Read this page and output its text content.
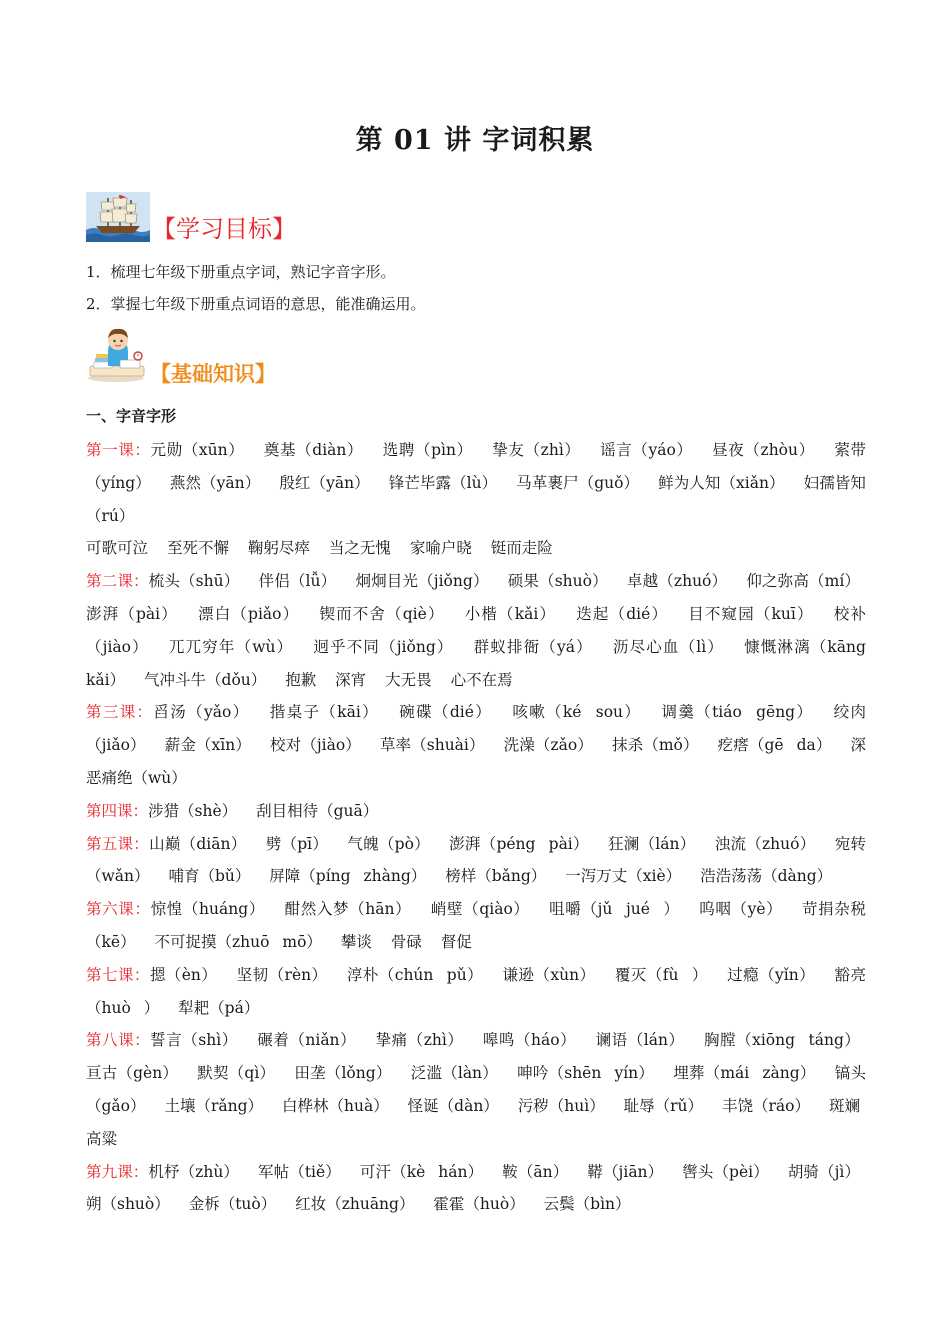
第 01 讲 字词积累
【学习目标】
1．梳理七年级下册重点字词，熟记字音字形。
2．掌握七年级下册重点词语的意思，能准确运用。
【基础知识】
一、字音字形

第一课：元勋（xūn） 奠基（diàn） 选聘（pìn） 挚友（zhì） 谣言（yáo） 昼夜（zhòu） 萦带（yíng） 燕然（yān） 殷红（yān） 锋芒毕露（lù） 马革裹尸（guǒ） 鲜为人知（xiǎn） 妇孺皆知（rú）

可歌可泣 至死不懈 鞠躬尽瘁 当之无愧 家喻户晓 铤而走险

第二课：梳头（shū） 伴侣（lǚ） 炯炯目光（jiǒng） 硕果（shuò） 卓越（zhuó） 仰之弥高（mí） 澎湃（pài） 漂白（piǎo） 锲而不舍（qiè） 小楷（kǎi） 迭起（dié） 目不窥园（kuī） 校补（jiào） 兀兀穷年（wù） 迥乎不同（jiǒng） 群蚁排衙（yá） 沥尽心血（lì） 慷慨淋漓（kāng kǎi） 气冲斗牛（dǒu） 抱歉 深宵 大无畏 心不在焉

第三课：舀汤（yǎo） 揩桌子（kāi） 碗碟（dié） 咳嗽（ké sou） 调羹（tiáo gēng） 绞肉（jiǎo） 薪金（xīn） 校对（jiào） 草率（shuài） 洗澡（zǎo） 抹杀（mǒ） 疙瘩（gē da） 深恶痛绝（wù）

第四课：涉猎（shè） 刮目相待（guā）

第五课：山巅（diān） 劈（pī） 气魄（pò） 澎湃（péng pài） 狂澜（lán） 浊流（zhuó） 宛转（wǎn） 哺育（bǔ） 屏障（píng zhàng） 榜样（bǎng） 一泻万丈（xiè） 浩浩荡荡（dàng）

第六课：惊惶（huáng） 酣然入梦（hān） 峭壁（qiào） 咀嚼（jǔ jué ） 呜咽（yè） 苛捐杂税（kē） 不可捉摸（zhuō mō） 攀谈 骨碌 督促

第七课：摁（èn） 坚韧（rèn） 淳朴（chún pǔ） 谦逊（xùn） 覆灭（fù ） 过瘾（yǐn） 豁亮（huò ） 犁耙（pá）

第八课：誓言（shì） 碾着（niǎn） 挚痛（zhì） 嗥鸣（háo） 谰语（lán） 胸膛（xiōng táng） 亘古（gèn） 默契（qì） 田垄（lǒng） 泛滥（làn） 呻吟（shēn yín） 埋葬（mái zàng） 镐头（gǎo） 土壤（rǎng） 白桦林（huà） 怪诞（dàn） 污秽（huì） 耻辱（rǔ） 丰饶（ráo） 斑斓 高粱

第九课：机杼（zhù） 军帖（tiě） 可汗（kè hán） 鞍（ān） 鞯（jiān） 辔头（pèi） 胡骑（jì） 朔（shuò） 金柝（tuò） 红妆（zhuāng） 霍霍（huò） 云鬓（bìn）
